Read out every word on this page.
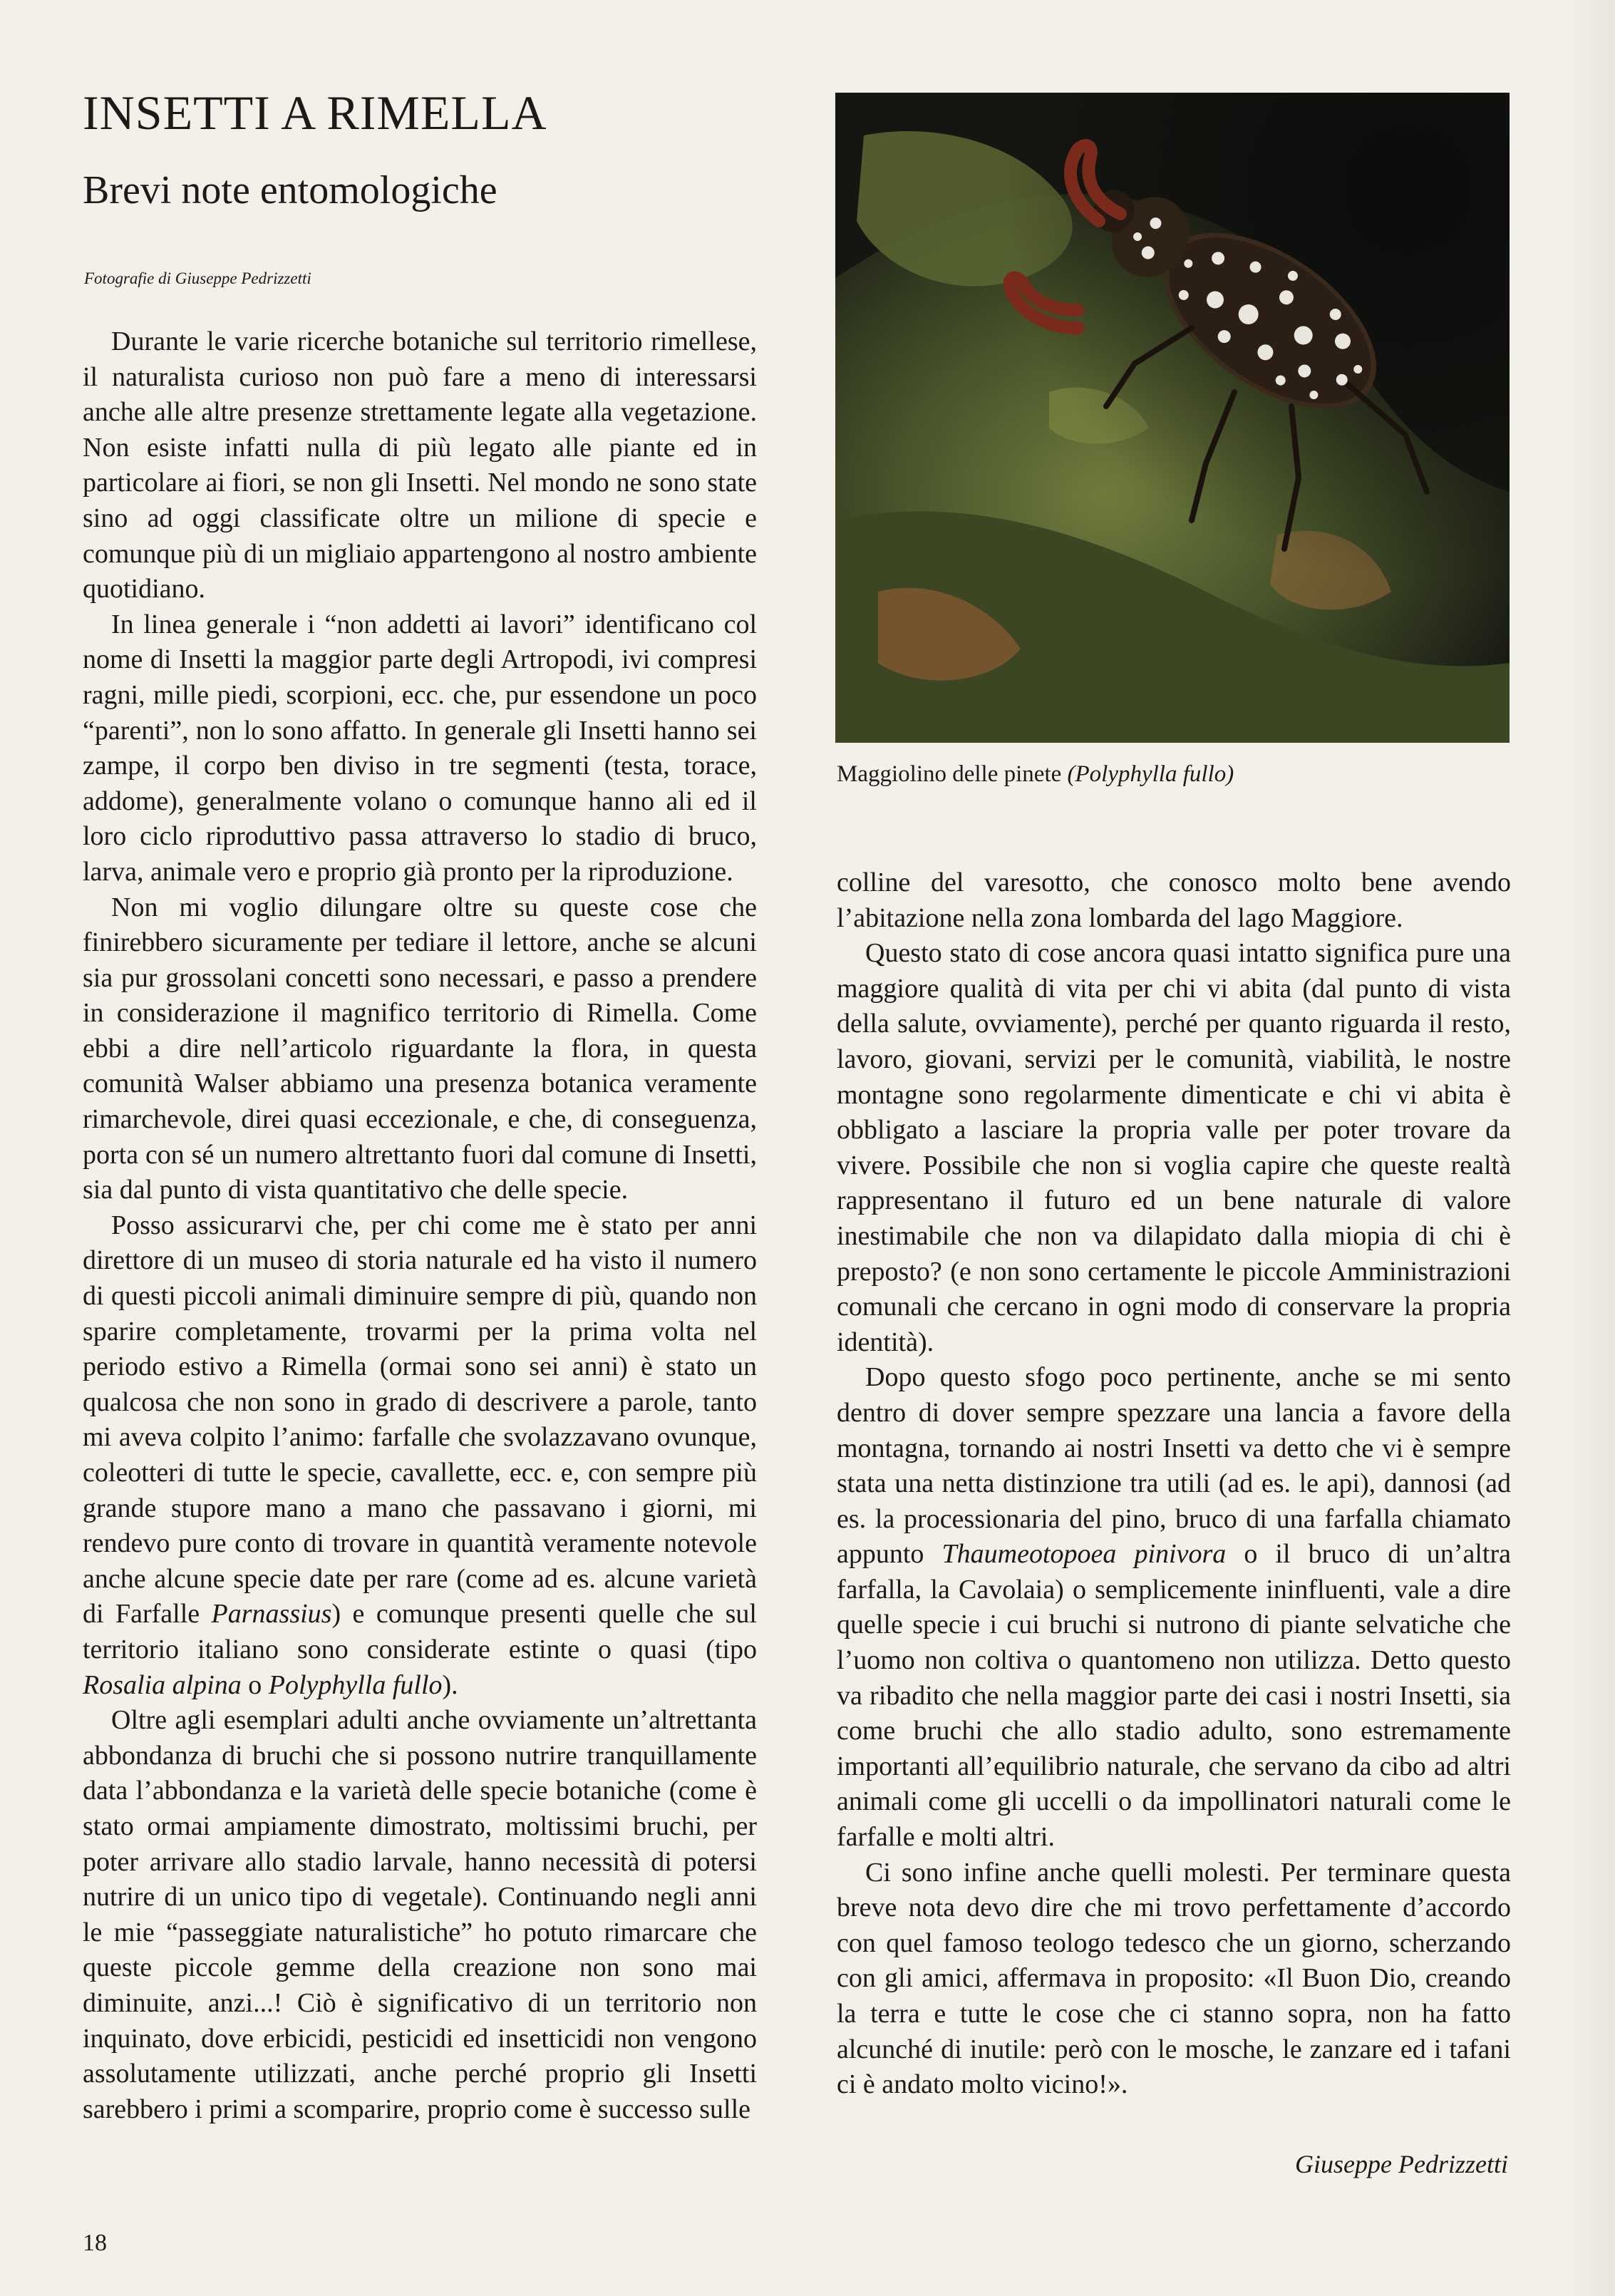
INSETTI A RIMELLA
Brevi note entomologiche

Fotografie di Giuseppe Pedrizzetti

Durante le varie ricerche botaniche sul territorio rimellese, il naturalista curioso non può fare a meno di interessarsi anche alle altre presenze strettamente legate alla vegetazione. Non esiste infatti nulla di più legato alle piante ed in particolare ai fiori, se non gli Insetti. Nel mondo ne sono state sino ad oggi classificate oltre un milione di specie e comunque più di un migliaio appartengono al nostro ambiente quotidiano.

In linea generale i “non addetti ai lavori” identificano col nome di Insetti la maggior parte degli Artropodi, ivi compresi ragni, mille piedi, scorpioni, ecc. che, pur essendone un poco “parenti”, non lo sono affatto. In generale gli Insetti hanno sei zampe, il corpo ben diviso in tre segmenti (testa, torace, addome), generalmente volano o comunque hanno ali ed il loro ciclo riproduttivo passa attraverso lo stadio di bruco, larva, animale vero e proprio già pronto per la riproduzione.

Non mi voglio dilungare oltre su queste cose che finirebbero sicuramente per tediare il lettore, anche se alcuni sia pur grossolani concetti sono necessari, e passo a prendere in considerazione il magnifico territorio di Rimella. Come ebbi a dire nell’articolo riguardante la flora, in questa comunità Walser abbiamo una presenza botanica veramente rimarchevole, direi quasi eccezionale, e che, di conseguenza, porta con sé un numero altrettanto fuori dal comune di Insetti, sia dal punto di vista quantitativo che delle specie.

Posso assicurarvi che, per chi come me è stato per anni direttore di un museo di storia naturale ed ha visto il numero di questi piccoli animali diminuire sempre di più, quando non sparire completamente, trovarmi per la prima volta nel periodo estivo a Rimella (ormai sono sei anni) è stato un qualcosa che non sono in grado di descrivere a parole, tanto mi aveva colpito l’animo: farfalle che svolazzavano ovunque, coleotteri di tutte le specie, cavallette, ecc. e, con sempre più grande stupore mano a mano che passavano i giorni, mi rendevo pure conto di trovare in quantità veramente notevole anche alcune specie date per rare (come ad es. alcune varietà di Farfalle Parnassius) e comunque presenti quelle che sul territorio italiano sono considerate estinte o quasi (tipo Rosalia alpina o Polyphylla fullo).

Oltre agli esemplari adulti anche ovviamente un’altrettanta abbondanza di bruchi che si possono nutrire tranquillamente data l’abbondanza e la varietà delle specie botaniche (come è stato ormai ampiamente dimostrato, moltissimi bruchi, per poter arrivare allo stadio larvale, hanno necessità di potersi nutrire di un unico tipo di vegetale). Continuando negli anni le mie “passeggiate naturalistiche” ho potuto rimarcare che queste piccole gemme della creazione non sono mai diminuite, anzi...! Ciò è significativo di un territorio non inquinato, dove erbicidi, pesticidi ed insetticidi non vengono assolutamente utilizzati, anche perché proprio gli Insetti sarebbero i primi a scomparire, proprio come è successo sulle

Maggiolino delle pinete (Polyphylla fullo)

colline del varesotto, che conosco molto bene avendo l’abitazione nella zona lombarda del lago Maggiore.

Questo stato di cose ancora quasi intatto significa pure una maggiore qualità di vita per chi vi abita (dal punto di vista della salute, ovviamente), perché per quanto riguarda il resto, lavoro, giovani, servizi per le comunità, viabilità, le nostre montagne sono regolarmente dimenticate e chi vi abita è obbligato a lasciare la propria valle per poter trovare da vivere. Possibile che non si voglia capire che queste realtà rappresentano il futuro ed un bene naturale di valore inestimabile che non va dilapidato dalla miopia di chi è preposto? (e non sono certamente le piccole Amministrazioni comunali che cercano in ogni modo di conservare la propria identità).

Dopo questo sfogo poco pertinente, anche se mi sento dentro di dover sempre spezzare una lancia a favore della montagna, tornando ai nostri Insetti va detto che vi è sempre stata una netta distinzione tra utili (ad es. le api), dannosi (ad es. la processionaria del pino, bruco di una farfalla chiamato appunto Thaumeotopoea pinivora o il bruco di un’altra farfalla, la Cavolaia) o semplicemente ininfluenti, vale a dire quelle specie i cui bruchi si nutrono di piante selvatiche che l’uomo non coltiva o quantomeno non utilizza. Detto questo va ribadito che nella maggior parte dei casi i nostri Insetti, sia come bruchi che allo stadio adulto, sono estremamente importanti all’equilibrio naturale, che servano da cibo ad altri animali come gli uccelli o da impollinatori naturali come le farfalle e molti altri.

Ci sono infine anche quelli molesti. Per terminare questa breve nota devo dire che mi trovo perfettamente d’accordo con quel famoso teologo tedesco che un giorno, scherzando con gli amici, affermava in proposito: «Il Buon Dio, creando la terra e tutte le cose che ci stanno sopra, non ha fatto alcunché di inutile: però con le mosche, le zanzare ed i tafani ci è andato molto vicino!».

Giuseppe Pedrizzetti
18
